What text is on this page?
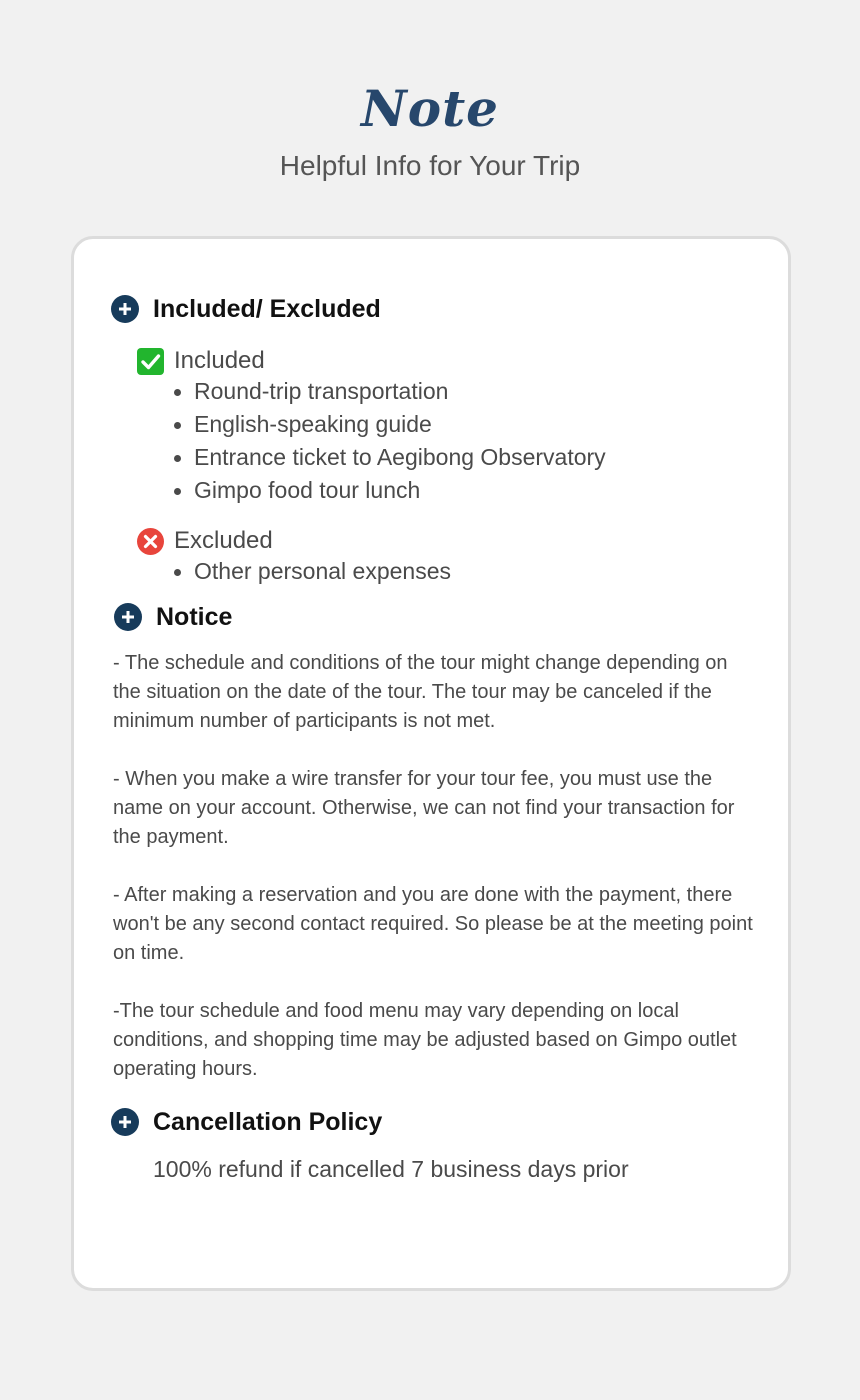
Note
Helpful Info for Your Trip
Included/ Excluded
Included
Round-trip transportation
English-speaking guide
Entrance ticket to Aegibong Observatory
Gimpo food tour lunch
Excluded
Other personal expenses
Notice

- The schedule and conditions of the tour might change depending on the situation on the date of the tour. The tour may be canceled if the minimum number of participants is not met.

- When you make a wire transfer for your tour fee, you must use the name on your account. Otherwise, we can not find your transaction for the payment.

- After making a reservation and you are done with the payment, there won't be any second contact required. So please be at the meeting point on time.

-The tour schedule and food menu may vary depending on local conditions, and shopping time may be adjusted based on Gimpo outlet operating hours.

Cancellation Policy
100% refund if cancelled 7 business days prior
